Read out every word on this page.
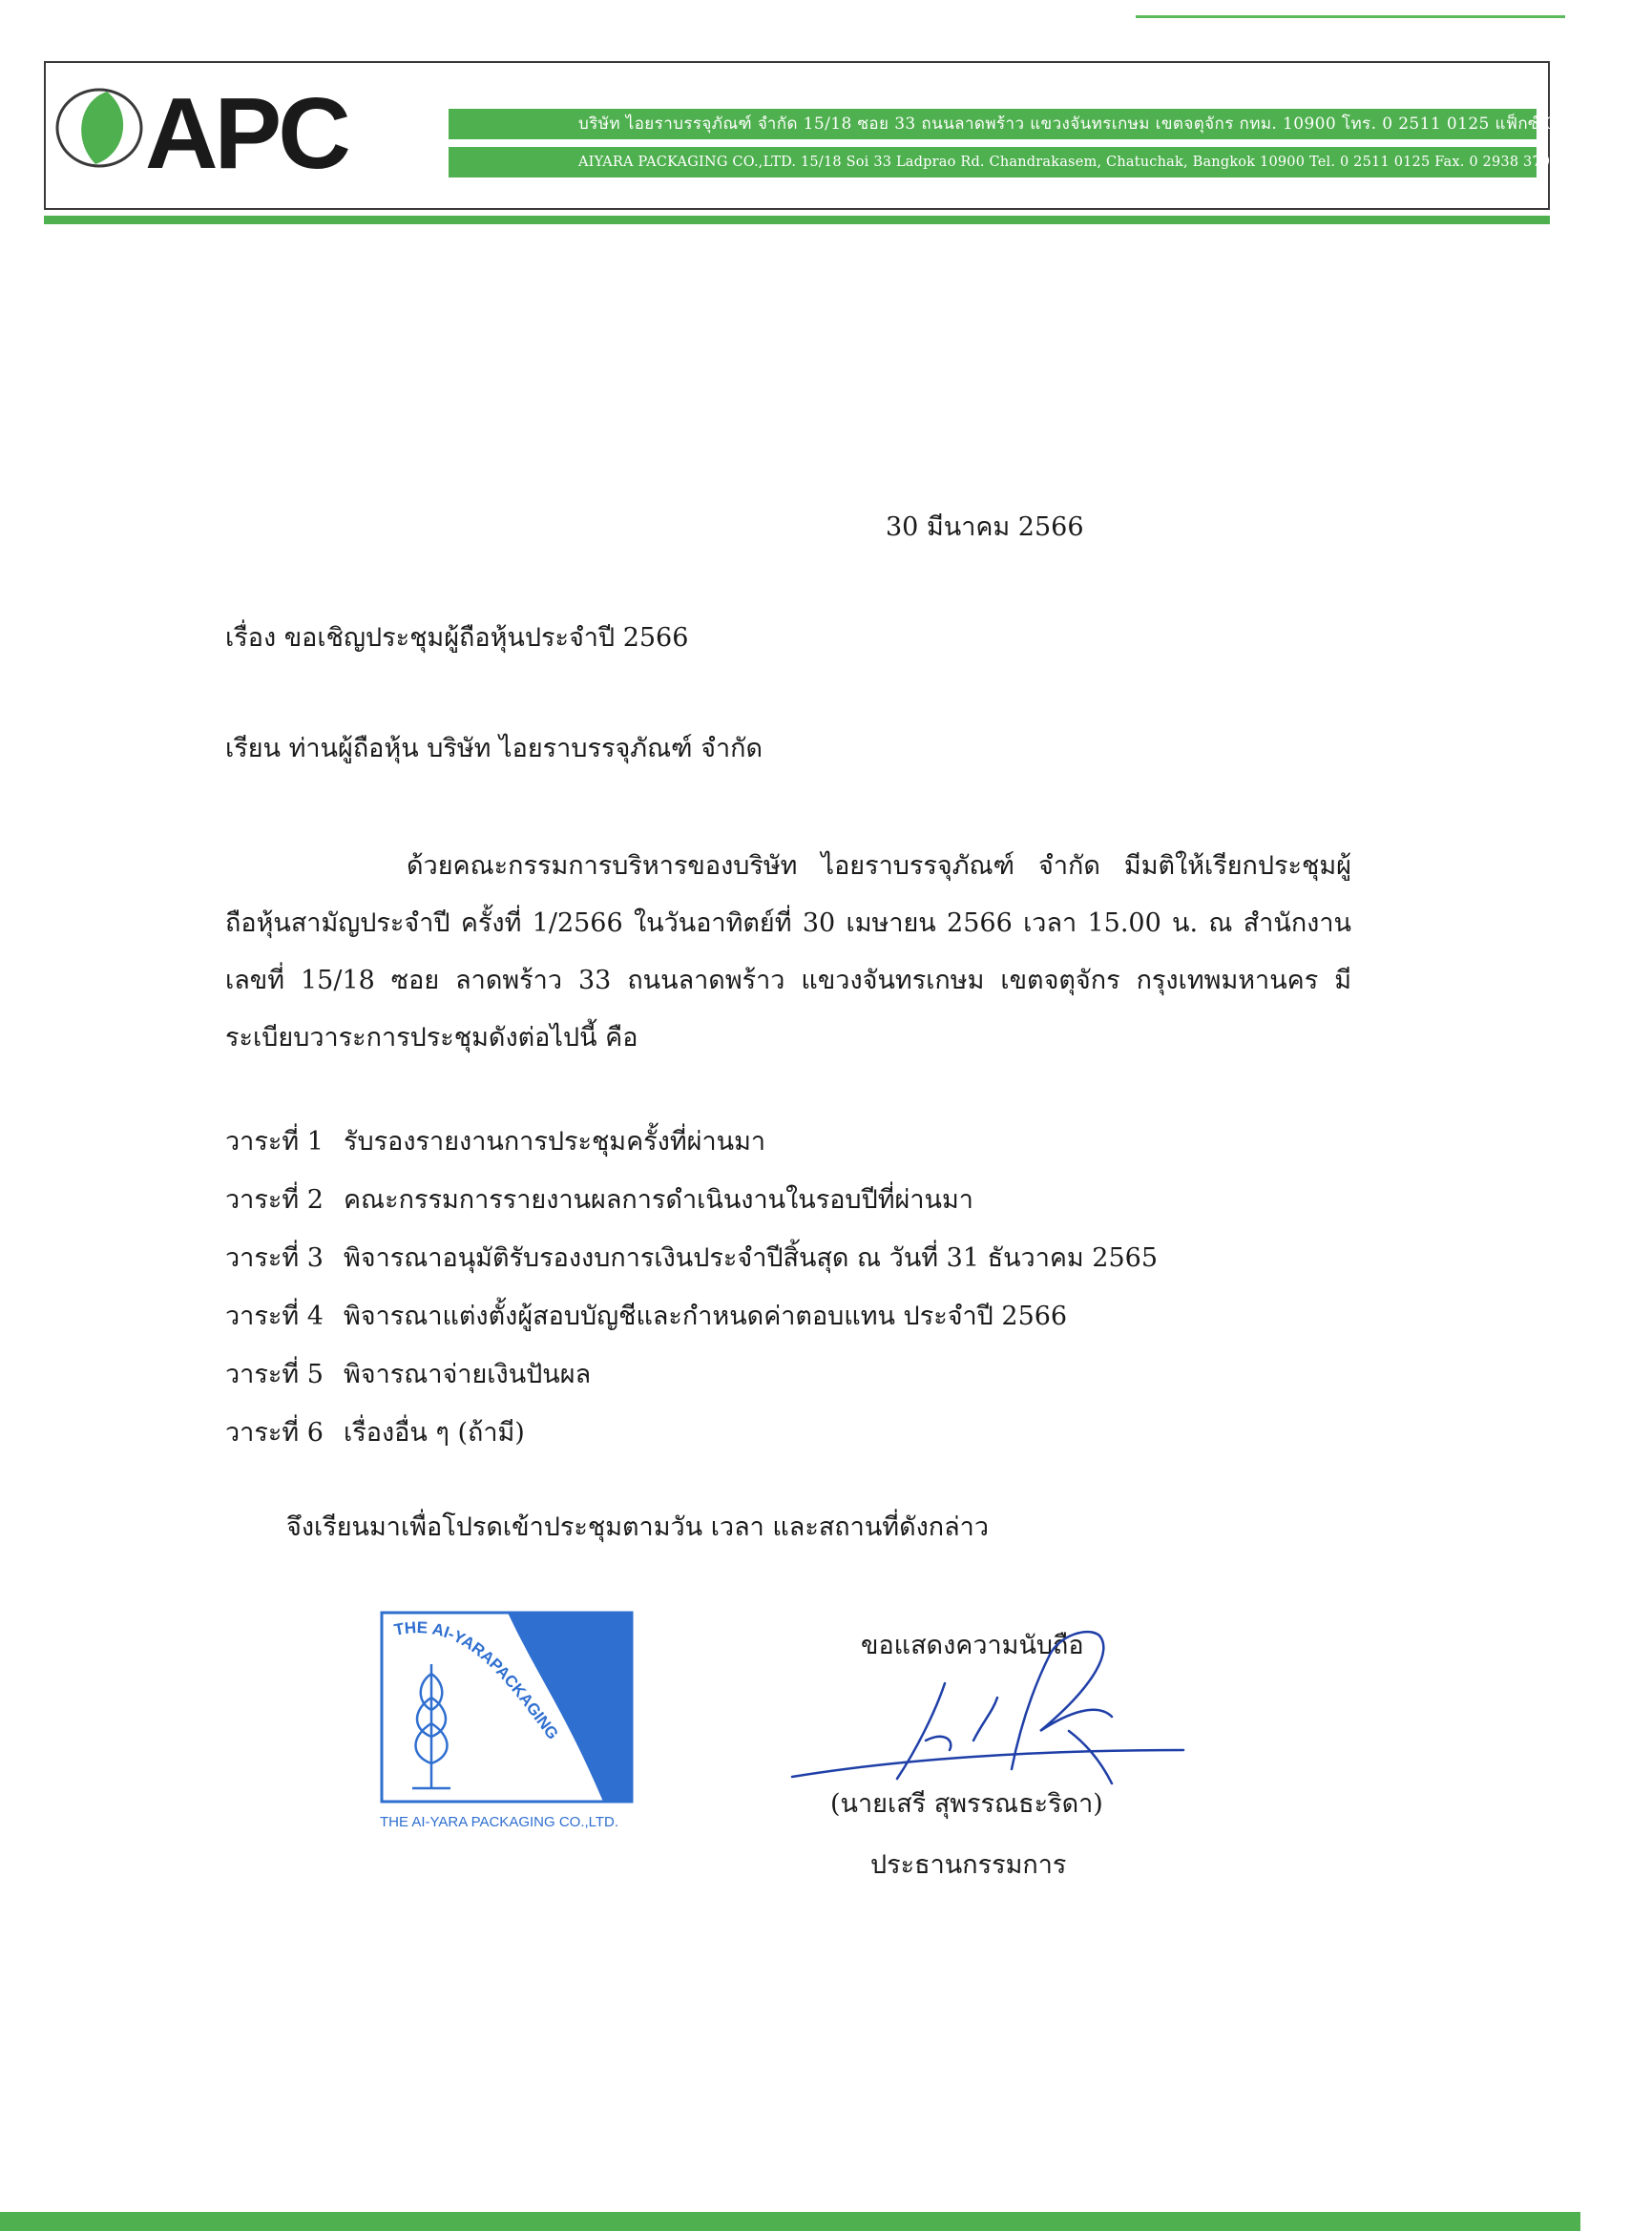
APC	บริษัท ไอยราบรรจุภัณฑ์ จำกัด 15/18 ซอย 33 ถนนลาดพร้าว แขวงจันทรเกษม เขตจตุจักร กทม. 10900 โทร. 0 2511 0125 แฟ็กซ์ 0 2938 3793
AIYARA PACKAGING CO.,LTD. 15/18 Soi 33 Ladprao Rd. Chandrakasem, Chatuchak, Bangkok 10900 Tel. 0 2511 0125 Fax. 0 2938 3793
30 มีนาคม 2566
เรื่อง ขอเชิญประชุมผู้ถือหุ้นประจำปี 2566
เรียน ท่านผู้ถือหุ้น บริษัท ไอยราบรรจุภัณฑ์ จำกัด
ด้วยคณะกรรมการบริหารของบริษัท ไอยราบรรจุภัณฑ์ จำกัด มีมติให้เรียกประชุมผู้
ถือหุ้นสามัญประจำปี ครั้งที่ 1/2566 ในวันอาทิตย์ที่ 30 เมษายน 2566 เวลา 15.00 น. ณ สำนักงาน
เลขที่ 15/18 ซอย ลาดพร้าว 33 ถนนลาดพร้าว แขวงจันทรเกษม เขตจตุจักร กรุงเทพมหานคร มี
ระเบียบวาระการประชุมดังต่อไปนี้ คือ
วาระที่ 1 รับรองรายงานการประชุมครั้งที่ผ่านมา
วาระที่ 2 คณะกรรมการรายงานผลการดำเนินงานในรอบปีที่ผ่านมา
วาระที่ 3 พิจารณาอนุมัติรับรองงบการเงินประจำปีสิ้นสุด ณ วันที่ 31 ธันวาคม 2565
วาระที่ 4 พิจารณาแต่งตั้งผู้สอบบัญชีและกำหนดค่าตอบแทน ประจำปี 2566
วาระที่ 5 พิจารณาจ่ายเงินปันผล
วาระที่ 6 เรื่องอื่น ๆ (ถ้ามี)
จึงเรียนมาเพื่อโปรดเข้าประชุมตามวัน เวลา และสถานที่ดังกล่าว
THE AI-YARAPACKAGING
THE AI-YARA PACKAGING CO.,LTD.
ขอแสดงความนับถือ
(นายเสรี สุพรรณธะริดา)
ประธานกรรมการ
